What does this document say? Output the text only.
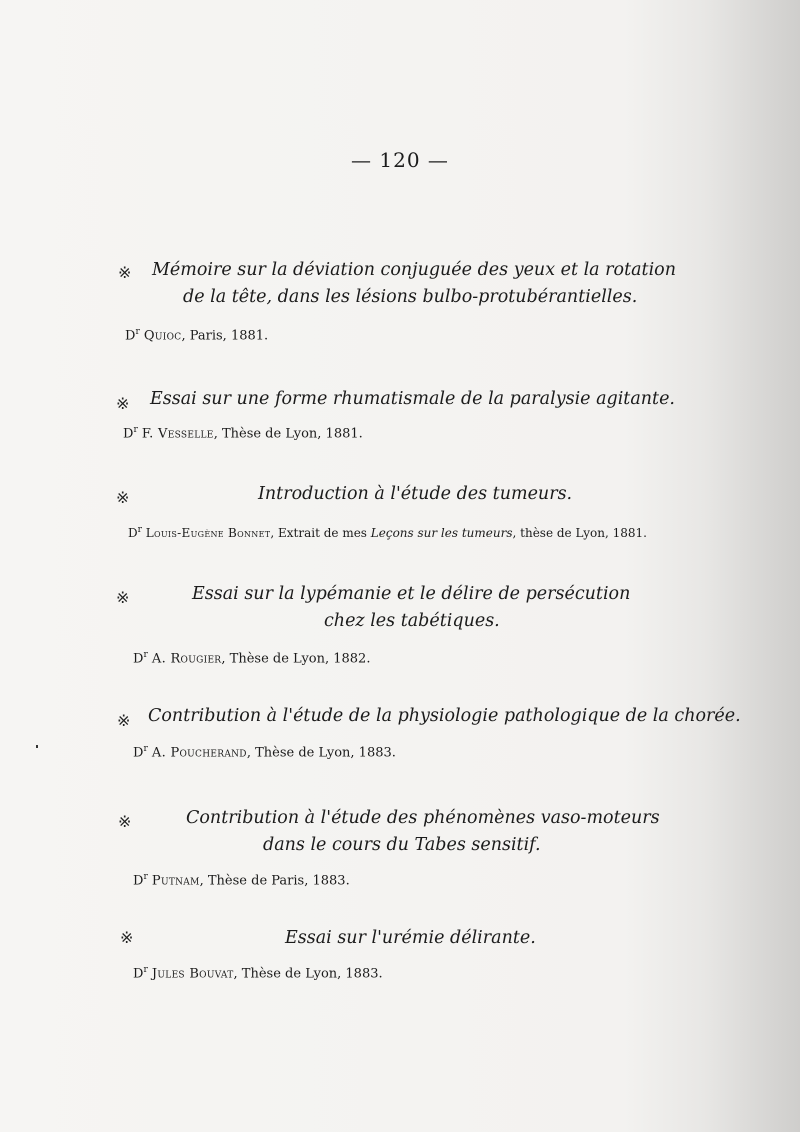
— 120 —
※ Mémoire sur la déviation conjuguée des yeux et la rotation
de la tête, dans les lésions bulbo-protubérantielles.
$D^r$ Quioc, Paris, 1881.
※ Essai sur une forme rhumatismale de la paralysie agitante.
$D^r$ F. Vesselle, Thèse de Lyon, 1881.
※	Introduction à l'étude des tumeurs.
$D^r$ Louis-Eugène Bonnet, Extrait de mes Leçons sur les tumeurs, thèse de Lyon, 1881.
※	Essai sur la lypémanie et le délire de persécution
chez les tabétiques.
$D^r$ A. Rougier, Thèse de Lyon, 1882.
※ Contribution à l'étude de la physiologie pathologique de la chorée.
$D^r$ A. Poucherand, Thèse de Lyon, 1883.
※	Contribution à l'étude des phénomènes vaso-moteurs
dans le cours du Tabes sensitif.
$D^r$ Putnam, Thèse de Paris, 1883.
※	Essai sur l'urémie délirante.
$D^r$ Jules Bouvat, Thèse de Lyon, 1883.
